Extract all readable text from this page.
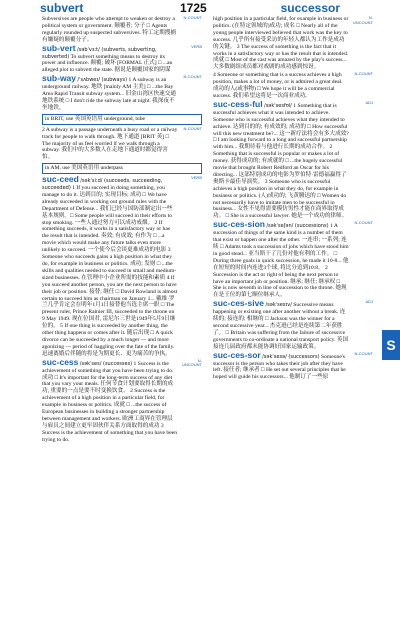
subvert	1725	successor
Subversives are people who attempt to weaken or destroy a political system or government. 颠覆者; 分子 □ Agents regularly rounded up suspected subversives. 特工定期搜捕有嫌疑的颠覆分子。
N-COUNT
sub-vert /səbˈvɜːt/ (subverts, subverting, subverted) To subvert something means to destroy its power and influence. 颠覆; 破坏 [FORMAL 正式] □ ...an alleged plot to subvert the state. 据说是颠覆国家的阴谋
VERB
sub-way /ˈsʌbweɪ/ (subways) 1 A subway is an underground railway. 地铁 [mainly AM 主美] □ ...the Bay Area Rapid Transit subway system... 旧金山湾区快速交通地铁系统 □ I don't ride the subway late at night. 我深夜不坐地铁。
N-COUNT
in BRIT, use 英国英语用 underground, tube
2 A subway is a passage underneath a busy road or a railway track for people to walk through. 地下通道 [BRIT 英] □ The majority of us feel worried if we walk through a subway. 我们中的大多数人在走地下通道时都觉得害怕。
N-COUNT
in AM, use 美国英语用 underpass
suc-ceed /səkˈsiːd/ (succeeds, succeeding, succeeded) 1 If you succeed in doing something, you manage to do it. 达到目的; 实现目标; 成功 □ We have already succeeded in working out ground rules with the Department of Defense... 我们已经与国防部制定出一些基本规则。□ Some people will succeed in their efforts to stop smoking. 一些人通过努力可以成功戒烟。 2 If something succeeds, it works in a satisfactory way or has the result that is intended. 奏效; 有成效; 有作为 □ ...a movie which would make any future talks even more unlikely to succeed. 一个使今后会谈更难成功的电影 3 Someone who succeeds gains a high position in what they do, for example in business or politics. 成功; 发财 □ ...the skills and qualities needed to succeed in small and medium-sized businesses. 在管理中小企业所需的技能和素质 4 If you succeed another person, you are the next person to have their job or position. 接替; 继任 □ David Rowland is almost certain to succeed him as chairman on January 1... 戴维·罗兰几乎肯定会在明年1月1日接替他当选主席一职 □ The present ruler, Prince Rainier III, succeeded to the throne on 9 May 1949. 现在位国君, 雷尼尔三世是1949年5月9日继位的。 5 If one thing is succeeded by another thing, the other thing happens or comes after it. 随后出现 □ A quick divorce can be succeeded by a much longer — and more agonizing — period of haggling over the fate of the family. 迅速离婚后伴随的将是为期更长、更为痛苦的争执。
VERB
suc-cess /səkˈses/ (successes) 1 Success is the achievement of something that you have been trying to do. 成功 □ It's important for the long-term success of any diet that you vary your meals. 任何节食计划要取得长期的成功, 重要的一点是要不时变换饮食。 2 Success is the achievement of a high position in a particular field, for example in business or politics. 成就 □ ...the success of European businesses in building a stronger partnership between management and workers. 欧洲工商界在管理层与雇员之间建立更牢固伙伴关系方面取得的成功 3 Success is the achievement of something that you have been trying to do.
N-UNCOUNT
high position in a particular field, for example in business or politics. (在特定领域的)成功; 成名 □ Nearly all of the young people interviewed believed that work was the key to success. 几乎所有接受采访的年轻人都认为工作是成功的关键。 3 The success of something is the fact that it works in a satisfactory way or has the result that is intended. 成就 □ Most of the cast was amazed by the play's success... 大多数剧组成员都对戏剧的成功感到惊讶。
N-UNCOUNT
4 Someone or something that is a success achieves a high position, makes a lot of money, or is admired a great deal. 成功的人(或事物) □ We hope it will be a commercial success. 我们希望这将是一次商业成功。
N-COUNT
suc-cess-ful /səkˈsesfʊl/ 1 Something that is successful achieves what it was intended to achieve. Someone who is successful achieves what they intended to achieve. 达到目的的; 有成效的; 成功的 □ How successful will this new treatment be?... 这一新疗法将会有多大成效? □ I am looking forward to a long and successful partnership with him... 我期待着与他进行长期的成功合作。 2 Something that is successful is popular or makes a lot of money. 获得成功的; 有成就的 □ ...the hugely successful movie that brought Robert Redford an Oscar for his directing... 这部特别成功的电影为罗伯特·雷德福赢得了奥斯卡最佳导演奖。 3 Someone who is successful achieves a high position in what they do, for example in business or politics. (人)成功的; 飞黄腾达的 □ Women do not necessarily have to imitate men to be successful in business... 女性不见得需要模仿男性才能在商界取得成功。 □ She is a successful lawyer. 她是一个成功的律师。
ADJ
suc-ces-sion /səkˈseʃən/ (successions) 1 A succession of things of the same kind is a number of them that exist or happen one after the other. 一连串; 一系列; 连续 □ Adams took a succession of jobs which have stood him in good stead... 亚当斯干了几份对他有利的工作。 □ During three goals in quick succession, he made it 10-8... 他在短短的时间内连进3个球, 将比分追到10:8。 2 Succession is the act or right of being the next person to have an important job or position. 继承; 继任; 继承权 □ She is now seventh in line of succession to the throne. 她现在是王位的第七顺位继承人。
N-COUNT
suc-ces-sive /səkˈsesɪv/ Successive means happening or existing one after another without a break. 连续的; 接连的; 相继的 □ Jackson was the winner for a second successive year... 杰克逊已经是连续第二年获胜了。 □ Britain was suffering from the failure of successive governments to co-ordinate a national transport policy. 英国接连几届政府都未能协调好国家运输政策。
ADJ
suc-ces-sor /səkˈsesə/ (successors) Someone's successor is the person who takes their job after they have left. 接任者; 继承者 □ He set out several principles that he hoped will guide his successors... 他制订了一些原
N-COUNT
S
